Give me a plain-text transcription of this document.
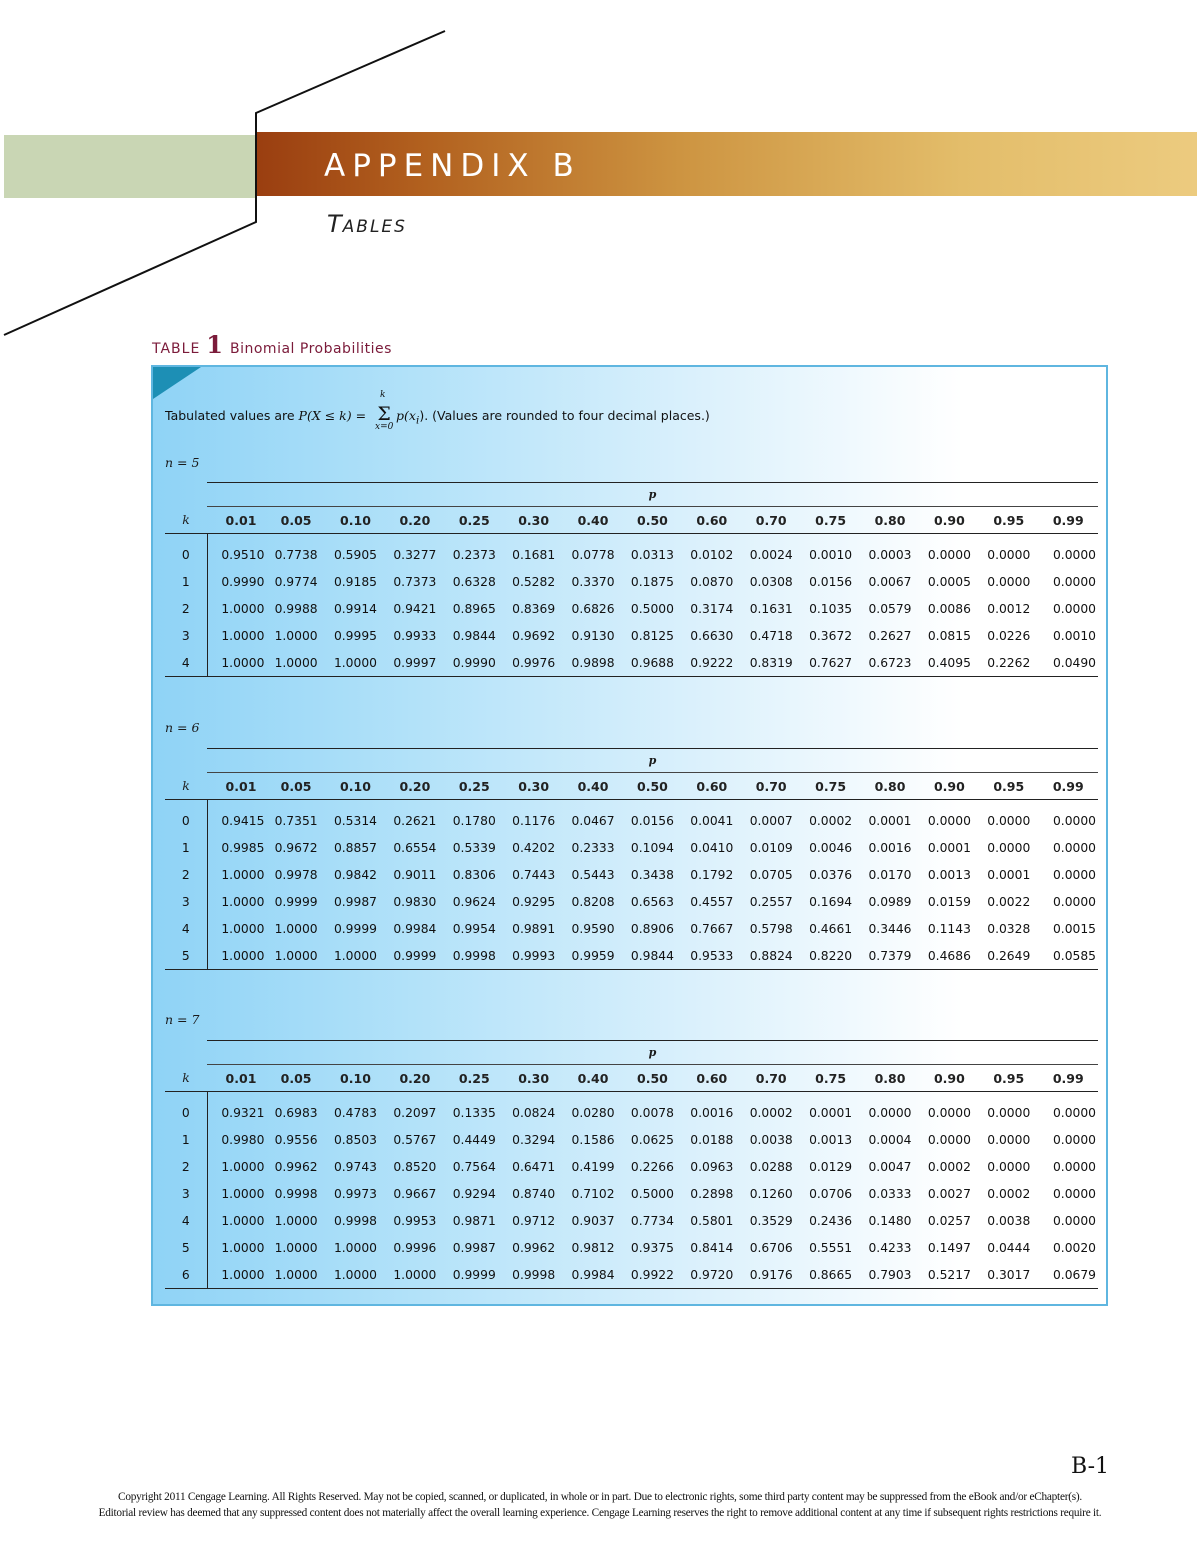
APPENDIX B
TABLES
TABLE 1 Binomial Probabilities
Tabulated values are P(X ≤ k) =
k
Σ
x=0
$p(x_i)$. (Values are rounded to four decimal places.)
n = 5
	p														
k	0.01	0.05	0.10	0.20	0.25	0.30	0.40	0.50	0.60	0.70	0.75	0.80	0.90	0.95	0.99

0	0.9510	0.7738	0.5905	0.3277	0.2373	0.1681	0.0778	0.0313	0.0102	0.0024	0.0010	0.0003	0.0000	0.0000	0.0000
1	0.9990	0.9774	0.9185	0.7373	0.6328	0.5282	0.3370	0.1875	0.0870	0.0308	0.0156	0.0067	0.0005	0.0000	0.0000
2	1.0000	0.9988	0.9914	0.9421	0.8965	0.8369	0.6826	0.5000	0.3174	0.1631	0.1035	0.0579	0.0086	0.0012	0.0000
3	1.0000	1.0000	0.9995	0.9933	0.9844	0.9692	0.9130	0.8125	0.6630	0.4718	0.3672	0.2627	0.0815	0.0226	0.0010
4	1.0000	1.0000	1.0000	0.9997	0.9990	0.9976	0.9898	0.9688	0.9222	0.8319	0.7627	0.6723	0.4095	0.2262	0.0490
n = 6
	p														
k	0.01	0.05	0.10	0.20	0.25	0.30	0.40	0.50	0.60	0.70	0.75	0.80	0.90	0.95	0.99

0	0.9415	0.7351	0.5314	0.2621	0.1780	0.1176	0.0467	0.0156	0.0041	0.0007	0.0002	0.0001	0.0000	0.0000	0.0000
1	0.9985	0.9672	0.8857	0.6554	0.5339	0.4202	0.2333	0.1094	0.0410	0.0109	0.0046	0.0016	0.0001	0.0000	0.0000
2	1.0000	0.9978	0.9842	0.9011	0.8306	0.7443	0.5443	0.3438	0.1792	0.0705	0.0376	0.0170	0.0013	0.0001	0.0000
3	1.0000	0.9999	0.9987	0.9830	0.9624	0.9295	0.8208	0.6563	0.4557	0.2557	0.1694	0.0989	0.0159	0.0022	0.0000
4	1.0000	1.0000	0.9999	0.9984	0.9954	0.9891	0.9590	0.8906	0.7667	0.5798	0.4661	0.3446	0.1143	0.0328	0.0015
5	1.0000	1.0000	1.0000	0.9999	0.9998	0.9993	0.9959	0.9844	0.9533	0.8824	0.8220	0.7379	0.4686	0.2649	0.0585
n = 7
	p														
k	0.01	0.05	0.10	0.20	0.25	0.30	0.40	0.50	0.60	0.70	0.75	0.80	0.90	0.95	0.99

0	0.9321	0.6983	0.4783	0.2097	0.1335	0.0824	0.0280	0.0078	0.0016	0.0002	0.0001	0.0000	0.0000	0.0000	0.0000
1	0.9980	0.9556	0.8503	0.5767	0.4449	0.3294	0.1586	0.0625	0.0188	0.0038	0.0013	0.0004	0.0000	0.0000	0.0000
2	1.0000	0.9962	0.9743	0.8520	0.7564	0.6471	0.4199	0.2266	0.0963	0.0288	0.0129	0.0047	0.0002	0.0000	0.0000
3	1.0000	0.9998	0.9973	0.9667	0.9294	0.8740	0.7102	0.5000	0.2898	0.1260	0.0706	0.0333	0.0027	0.0002	0.0000
4	1.0000	1.0000	0.9998	0.9953	0.9871	0.9712	0.9037	0.7734	0.5801	0.3529	0.2436	0.1480	0.0257	0.0038	0.0000
5	1.0000	1.0000	1.0000	0.9996	0.9987	0.9962	0.9812	0.9375	0.8414	0.6706	0.5551	0.4233	0.1497	0.0444	0.0020
6	1.0000	1.0000	1.0000	1.0000	0.9999	0.9998	0.9984	0.9922	0.9720	0.9176	0.8665	0.7903	0.5217	0.3017	0.0679
B-1
Copyright 2011 Cengage Learning. All Rights Reserved. May not be copied, scanned, or duplicated, in whole or in part. Due to electronic rights, some third party content may be suppressed from the eBook and/or eChapter(s).
Editorial review has deemed that any suppressed content does not materially affect the overall learning experience. Cengage Learning reserves the right to remove additional content at any time if subsequent rights restrictions require it.
